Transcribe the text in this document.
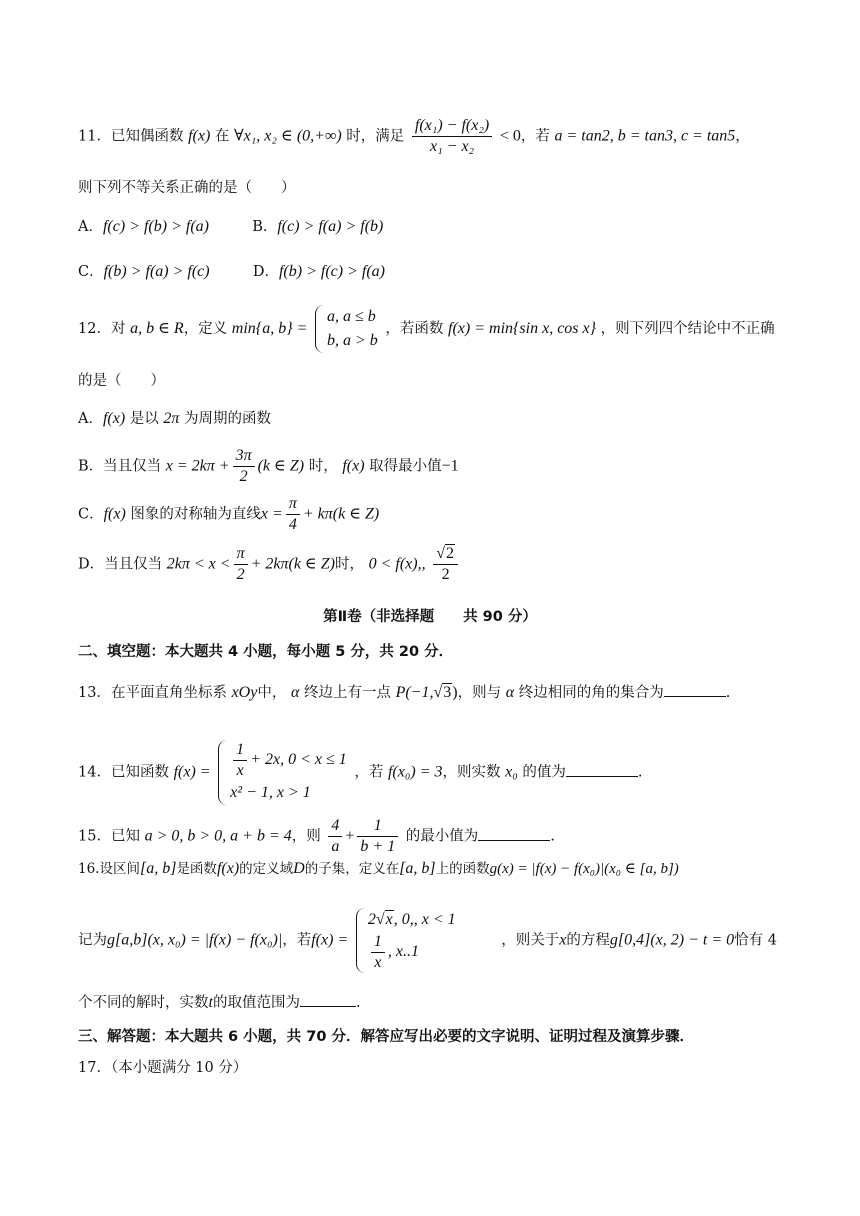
11．已知偶函数 f(x) 在 ∀x₁, x₂ ∈ (0,+∞) 时，满足 $\frac{\text{f(x₁) − f(x₂)}}{\text{x₁ − x₂}} < 0$，若 a = tan2, b = tan3, c = tan5，
则下列不等关系正确的是（　　）
A．f(c) > f(b) > f(a)	B．f(c) > f(a) > f(b)
C．f(b) > f(a) > f(c)	D．f(b) > f(c) > f(a)
12．对 a, b ∈ R，定义 min{a, b} =
a, a ≤ b
b, a > b
，若函数 f(x) = min{sin x, cos x} ，则下列四个结论中不正确
的是（　　）
A．f(x) 是以 2π 为周期的函数
B．当且仅当 $x = 2k\pi + \frac{3\pi}{2} (k$ ∈ Z) 时， f(x) 取得最小值−1
C．f(x) 图象的对称轴为直线$x = \frac{\pi}{4} + k\pi(k$ ∈ Z)
D．当且仅当 $2k\pi < x < \frac{\pi}{2} + 2k\pi(k$ ∈ Z)时， 0 < f(x),, $\frac{√2}{2}$
第Ⅱ卷（非选择题　　共 90 分）
二、填空题：本大题共 4 小题，每小题 5 分，共 20 分．
13．在平面直角坐标系 xOy中， α 终边上有一点 P(−1,√3)，则与 α 终边相同的角的集合为	.
14．已知函数 $f(x) = \frac{1}{x} + 2x$, 0 < x ≤ 1
x² − 1, x > 1
，若 f(x₀) = 3，则实数 x₀ 的值为	.
15．已知 a > 0, b > 0, a + b = 4，则 $\frac{4}{a} + \frac{1}{b + 1}$ 的最小值为	.
16.设区间[a, b]是函数f(x)的定义域D的子集，定义在[a, b]上的函数g(x) = |f(x) − f(x₀)|(x₀ ∈ [a, b])
记为g[a,b](x, x₀) = |f(x) − f(x₀)|，若f(x) =
2√x, 0,, x < 1
$\frac{1}{x}$ , x..1
，则关于x的方程g[0,4](x, 2) − t = 0恰有 4
个不同的解时，实数t的取值范围为	.
三、解答题：本大题共 6 小题，共 70 分．解答应写出必要的文字说明、证明过程及演算步骤．
17．（本小题满分 10 分）
